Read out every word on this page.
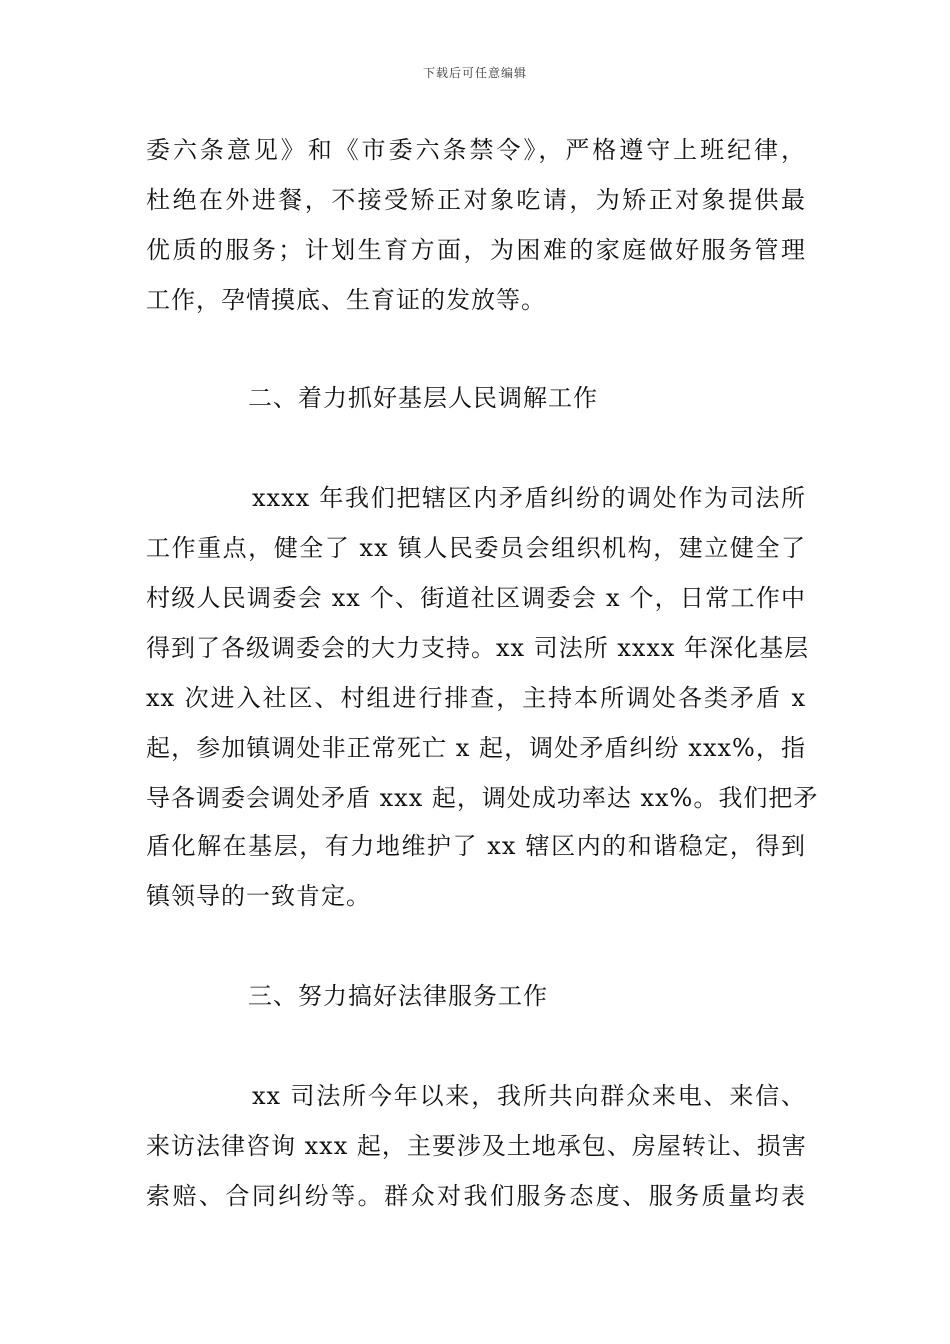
下载后可任意编辑
委六条意见》和《市委六条禁令》，严格遵守上班纪律，
杜绝在外进餐，不接受矫正对象吃请，为矫正对象提供最
优质的服务；计划生育方面，为困难的家庭做好服务管理
工作，孕情摸底、生育证的发放等。
二、着力抓好基层人民调解工作
xxxx 年我们把辖区内矛盾纠纷的调处作为司法所
工作重点，健全了 xx 镇人民委员会组织机构，建立健全了
村级人民调委会 xx 个、街道社区调委会 x 个，日常工作中
得到了各级调委会的大力支持。xx 司法所 xxxx 年深化基层
xx 次进入社区、村组进行排查，主持本所调处各类矛盾 x
起，参加镇调处非正常死亡 x 起，调处矛盾纠纷 xxx%，指
导各调委会调处矛盾 xxx 起，调处成功率达 xx%。我们把矛
盾化解在基层，有力地维护了 xx 辖区内的和谐稳定，得到
镇领导的一致肯定。
三、努力搞好法律服务工作
xx 司法所今年以来，我所共向群众来电、来信、
来访法律咨询 xxx 起，主要涉及土地承包、房屋转让、损害
索赔、合同纠纷等。群众对我们服务态度、服务质量均表
